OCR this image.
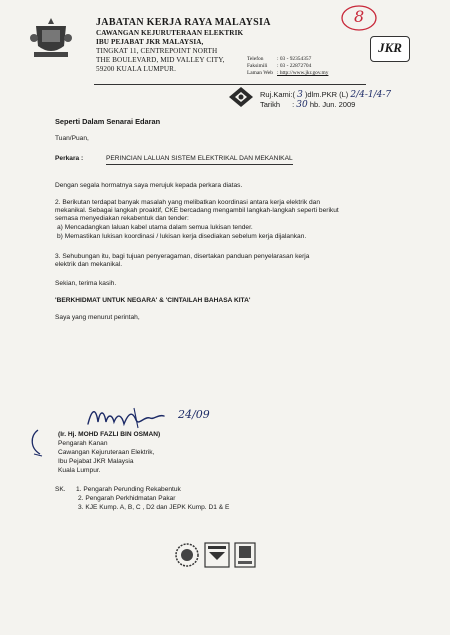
JABATAN KERJA RAYA MALAYSIA
CAWANGAN KEJURUTERAAN ELEKTRIK
IBU PEJABAT JKR MALAYSIA,
TINGKAT 11, CENTREPOINT NORTH
THE BOULEVARD, MID VALLEY CITY,
59200 KUALA LUMPUR.
Telefon	: 03 - 92354357
Faksimili : 03 - 22872704
Laman Web : http://www.jkr.gov.my
8
JKR
Ruj.Kami:( 3 )dlm.PKR (L) 2/4-1/4-7
Tarikh : 30 hb. Jun. 2009
Seperti Dalam Senarai Edaran
Tuan/Puan,
Perkara :	PERINCIAN LALUAN SISTEM ELEKTRIKAL DAN MEKANIKAL
Dengan segala hormatnya saya merujuk kepada perkara diatas.
2. Berikutan terdapat banyak masalah yang melibatkan koordinasi antara kerja elektrik dan
mekanikal. Sebagai langkah proaktif, CKE bercadang mengambil langkah-langkah seperti berikut
semasa menyediakan rekabentuk dan tender:
a) Mencadangkan laluan kabel utama dalam semua lukisan tender.
b) Memastikan lukisan koordinasi / lukisan kerja disediakan sebelum kerja dijalankan.
3. Sehubungan itu, bagi tujuan penyeragaman, disertakan panduan penyelarasan kerja
elektrik dan mekanikal.
Sekian, terima kasih.
'BERKHIDMAT UNTUK NEGARA' & 'CINTAILAH BAHASA KITA'
Saya yang menurut perintah,
24/09
(Ir. Hj. MOHD FAZLI BIN OSMAN)
Pengarah Kanan
Cawangan Kejuruteraan Elektrik,
Ibu Pejabat JKR Malaysia
Kuala Lumpur.
SK. 1. Pengarah Perunding Rekabentuk
2. Pengarah Perkhidmatan Pakar
3. KJE Kump. A, B, C , D2 dan JEPK Kump. D1 & E
